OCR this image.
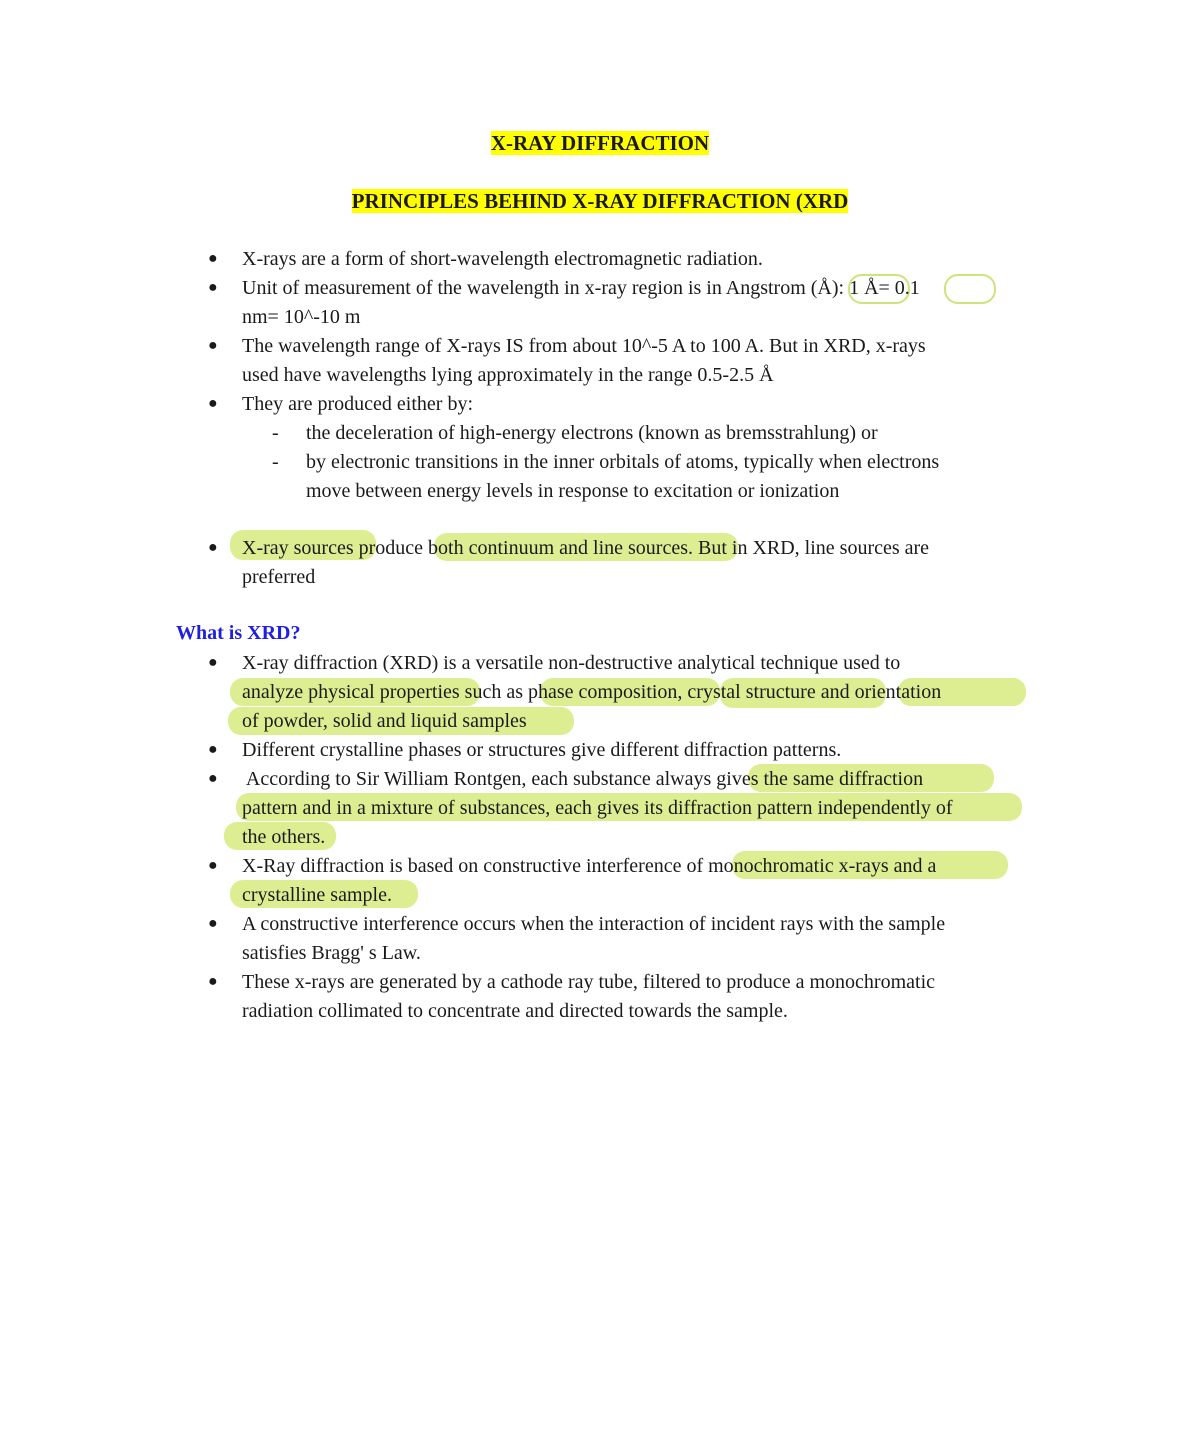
X-RAY DIFFRACTION
PRINCIPLES BEHIND X-RAY DIFFRACTION (XRD
● X-rays are a form of short-wavelength electromagnetic radiation.
● Unit of measurement of the wavelength in x-ray region is in Angstrom (Å): 1 Å= 0.1
nm= 10^-10 m
● The wavelength range of X-rays IS from about 10^-5 A to 100 A. But in XRD, x-rays
used have wavelengths lying approximately in the range 0.5-2.5 Å
● They are produced either by:
- the deceleration of high-energy electrons (known as bremsstrahlung) or
- by electronic transitions in the inner orbitals of atoms, typically when electrons
move between energy levels in response to excitation or ionization
● X-ray sources produce both continuum and line sources. But in XRD, line sources are
preferred
What is XRD?
● X-ray diffraction (XRD) is a versatile non-destructive analytical technique used to
analyze physical properties such as phase composition, crystal structure and orientation
of powder, solid and liquid samples
● Different crystalline phases or structures give different diffraction patterns.
● According to Sir William Rontgen, each substance always gives the same diffraction
pattern and in a mixture of substances, each gives its diffraction pattern independently of
the others.
● X-Ray diffraction is based on constructive interference of monochromatic x-rays and a
crystalline sample.
● A constructive interference occurs when the interaction of incident rays with the sample
satisfies Bragg' s Law.
● These x-rays are generated by a cathode ray tube, filtered to produce a monochromatic
radiation collimated to concentrate and directed towards the sample.
